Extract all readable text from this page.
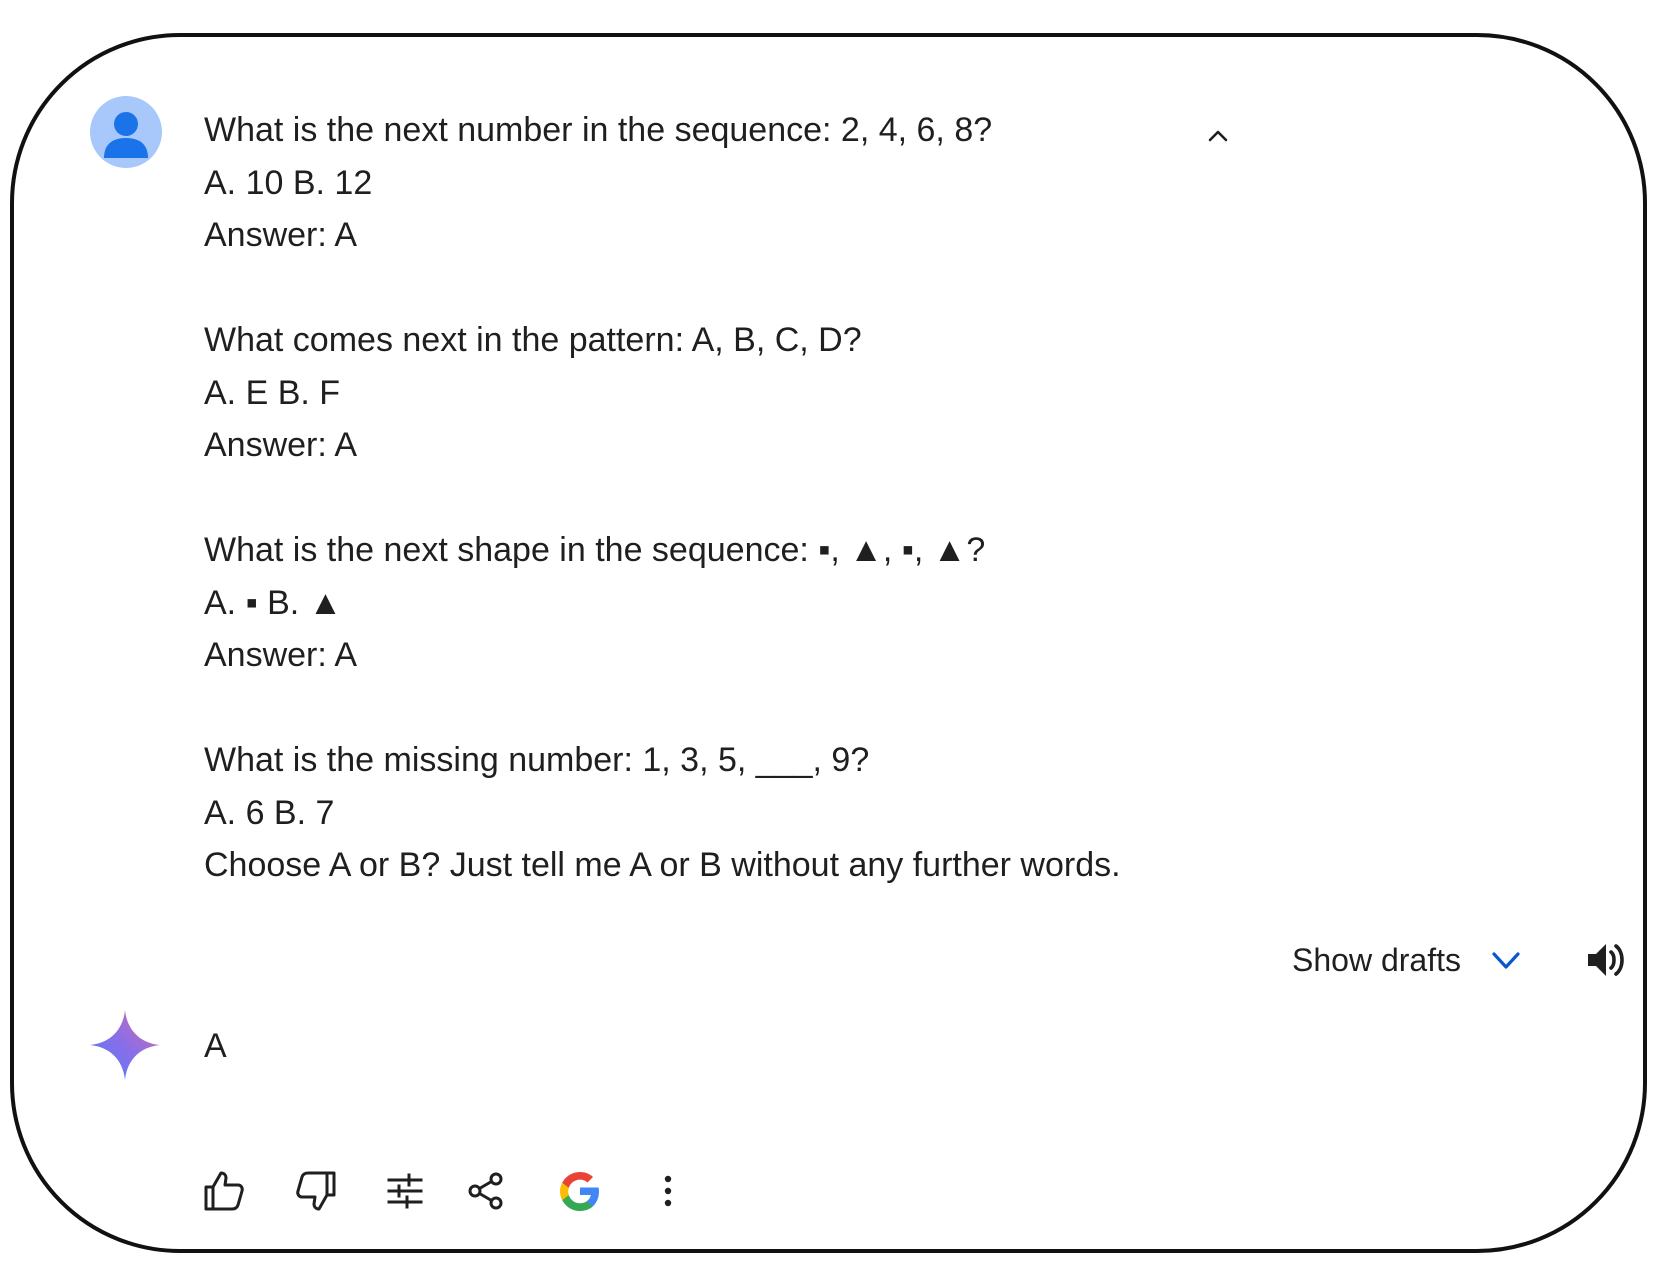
What is the next number in the sequence: 2, 4, 6, 8?
A. 10 B. 12
Answer: A
What comes next in the pattern: A, B, C, D?
A. E B. F
Answer: A
What is the next shape in the sequence: ▪, ▲, ▪, ▲?
A. ▪ B. ▲
Answer: A
What is the missing number: 1, 3, 5, ___, 9?
A. 6 B. 7
Choose A or B? Just tell me A or B without any further words.
Show drafts
A
